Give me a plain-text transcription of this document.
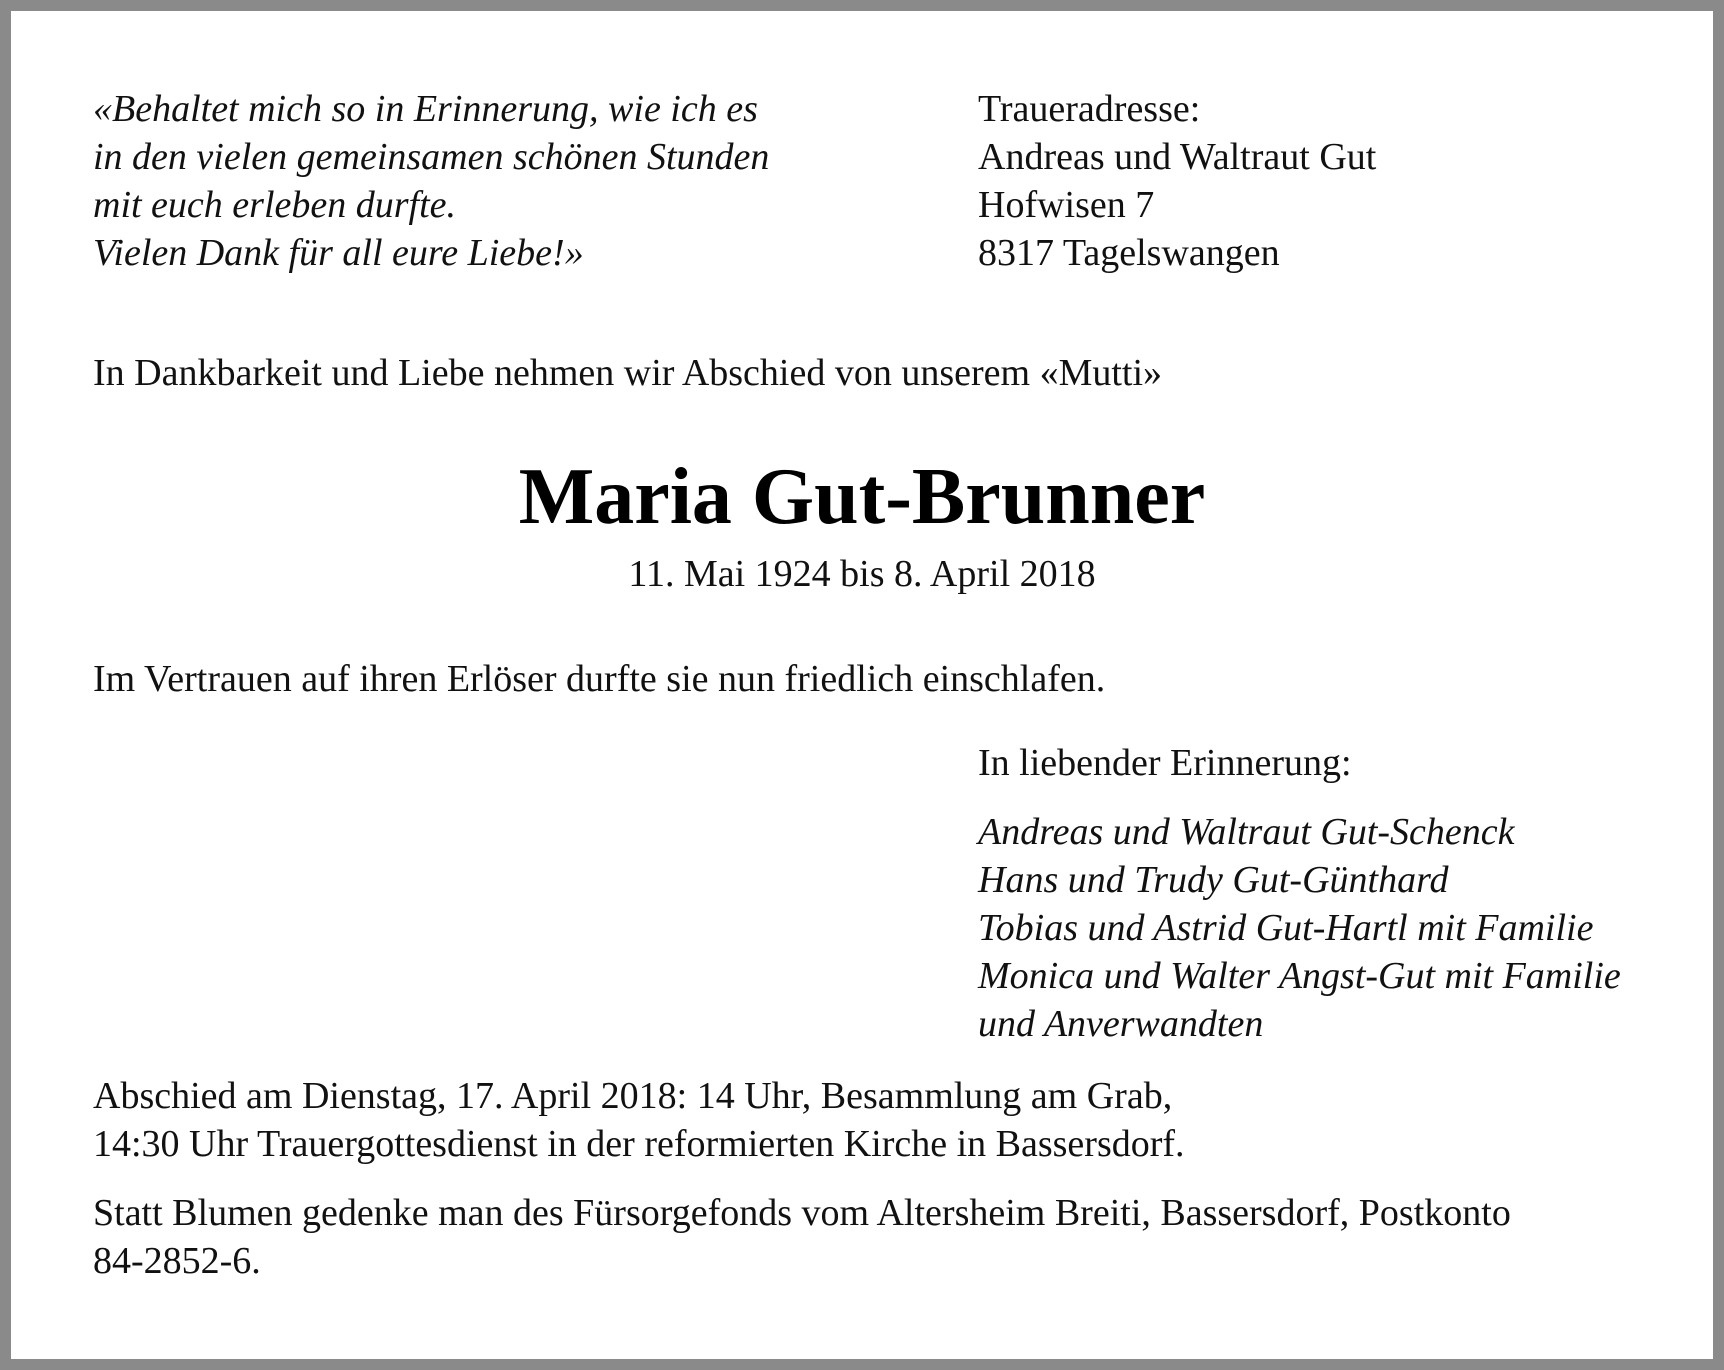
«Behaltet mich so in Erinnerung, wie ich es
in den vielen gemeinsamen schönen Stunden
mit euch erleben durfte.
Vielen Dank für all eure Liebe!»
Traueradresse:
Andreas und Waltraut Gut
Hofwisen 7
8317 Tagelswangen
In Dankbarkeit und Liebe nehmen wir Abschied von unserem «Mutti»
Maria Gut-Brunner
11. Mai 1924 bis 8. April 2018
Im Vertrauen auf ihren Erlöser durfte sie nun friedlich einschlafen.
In liebender Erinnerung:
Andreas und Waltraut Gut-Schenck
Hans und Trudy Gut-Günthard
Tobias und Astrid Gut-Hartl mit Familie
Monica und Walter Angst-Gut mit Familie
und Anverwandten
Abschied am Dienstag, 17. April 2018: 14 Uhr, Besammlung am Grab,
14:30 Uhr Trauergottesdienst in der reformierten Kirche in Bassersdorf.
Statt Blumen gedenke man des Fürsorgefonds vom Altersheim Breiti, Bassersdorf, Postkonto
84-2852-6.
